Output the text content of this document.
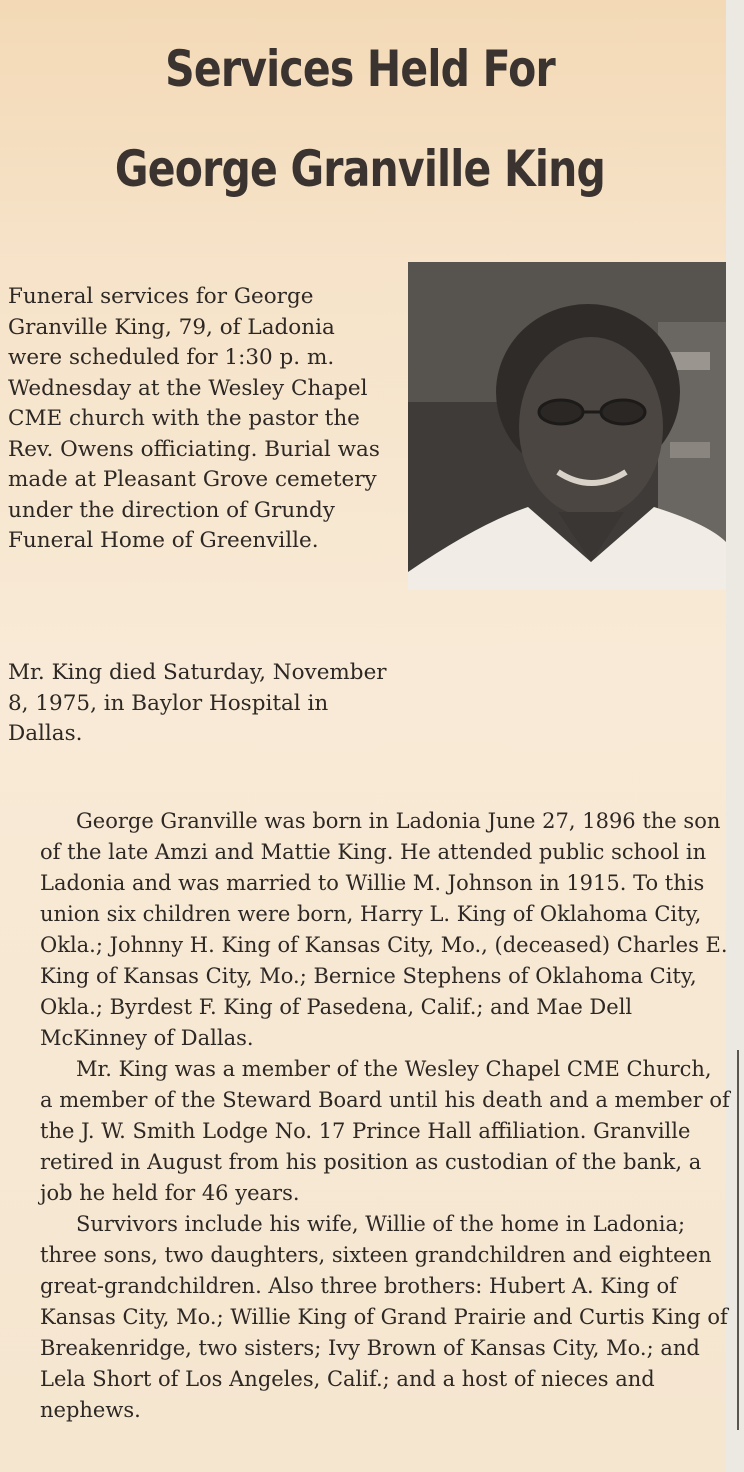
Services Held For
George Granville King

Funeral services for George Granville King, 79, of Ladonia were scheduled for 1:30 p. m. Wednesday at the Wesley Chapel CME church with the pastor the Rev. Owens officiating. Burial was made at Pleasant Grove cemetery under the direction of Grundy Funeral Home of Greenville.

Mr. King died Saturday, November 8, 1975, in Baylor Hospital in Dallas.

George Granville was born in Ladonia June 27, 1896 the son of the late Amzi and Mattie King. He attended public school in Ladonia and was married to Willie M. Johnson in 1915. To this union six children were born, Harry L. King of Oklahoma City, Okla.; Johnny H. King of Kansas City, Mo., (deceased) Charles E. King of Kansas City, Mo.; Bernice Stephens of Oklahoma City, Okla.; Byrdest F. King of Pasedena, Calif.; and Mae Dell McKinney of Dallas.
Mr. King was a member of the Wesley Chapel CME Church, a member of the Steward Board until his death and a member of the J. W. Smith Lodge No. 17 Prince Hall affiliation. Granville retired in August from his position as custodian of the bank, a job he held for 46 years.
Survivors include his wife, Willie of the home in Ladonia; three sons, two daughters, sixteen grandchildren and eighteen great-grandchildren. Also three brothers: Hubert A. King of Kansas City, Mo.; Willie King of Grand Prairie and Curtis King of Breakenridge, two sisters; Ivy Brown of Kansas City, Mo.; and Lela Short of Los Angeles, Calif.; and a host of nieces and nephews.
